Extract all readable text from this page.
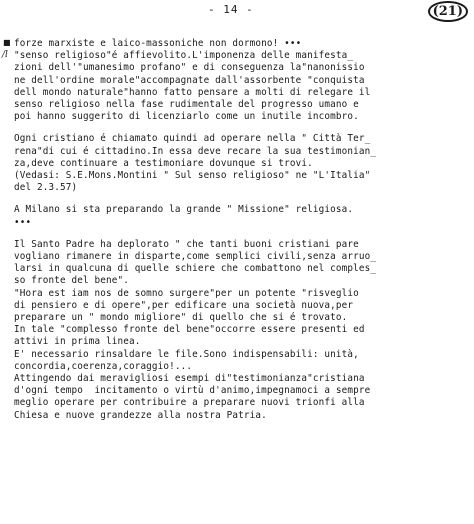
- 14 -	(21)
■
/l
forze marxiste e laico-massoniche non dormono! •••
"senso religioso"é affievolito.L'imponenza delle manifesta_
zioni dell'"umanesimo profano" e di conseguenza la"nanonissio
ne dell'ordine morale"accompagnate dall'assorbente "conquista
dell mondo naturale"hanno fatto pensare a molti di relegare il
senso religioso nella fase rudimentale del progresso umano e
poi hanno suggerito di licenziarlo come un inutile incombro.
Ogni cristiano é chiamato quindi ad operare nella " Città Ter_
rena"di cui é cittadino.In essa deve recare la sua testimonian_
za,deve continuare a testimoniare dovunque si trovi.
(Vedasi: S.E.Mons.Montini " Sul senso religioso" ne "L'Italia"
del 2.3.57)
A Milano si sta preparando la grande " Missione" religiosa.
•••
Il Santo Padre ha deplorato " che tanti buoni cristiani pare
vogliano rimanere in disparte,come semplici civili,senza arruo_
larsi in qualcuna di quelle schiere che combattono nel comples_
so fronte del bene".
"Hora est iam nos de somno surgere"per un potente "risveglio
di pensiero e di opere",per edificare una società nuova,per
preparare un " mondo migliore" di quello che si é trovato.
In tale "complesso fronte del bene"occorre essere presenti ed
attivi in prima linea.
E' necessario rinsaldare le file.Sono indispensabili: unità,
concordia,coerenza,coraggio!...
Attingendo dai meravigliosi esempi di"testimonianza"cristiana
d'ogni tempo  incitamento o virtù d'animo,impegnamoci a sempre
meglio operare per contribuire a preparare nuovi trionfi alla
Chiesa e nuove grandezze alla nostra Patria.
